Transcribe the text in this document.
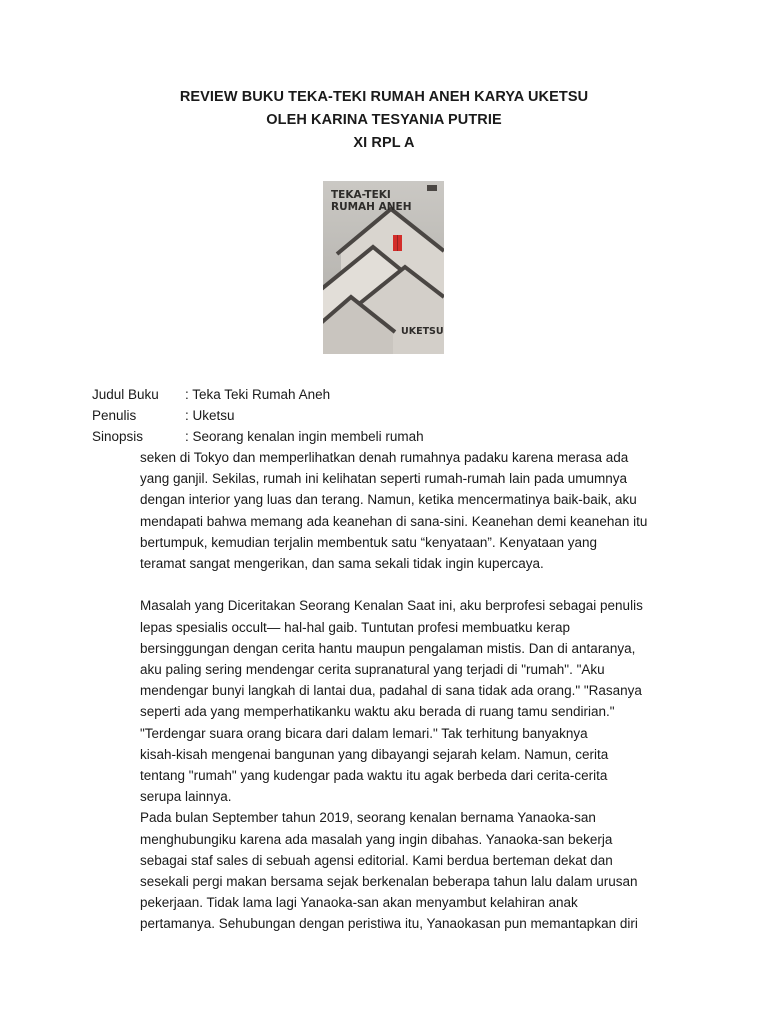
REVIEW BUKU TEKA-TEKI RUMAH ANEH KARYA UKETSU
OLEH KARINA TESYANIA PUTRIE
XI RPL A
TEKA-TEKI
RUMAH ANEH
UKETSU
Judul Buku : Teka Teki Rumah Aneh
Penulis	: Uketsu
Sinopsis	: Seorang kenalan ingin membeli rumah

seken di Tokyo dan memperlihatkan denah rumahnya padaku karena merasa ada

yang ganjil. Sekilas, rumah ini kelihatan seperti rumah-rumah lain pada umumnya

dengan interior yang luas dan terang. Namun, ketika mencermatinya baik-baik, aku

mendapati bahwa memang ada keanehan di sana-sini. Keanehan demi keanehan itu

bertumpuk, kemudian terjalin membentuk satu “kenyataan”. Kenyataan yang

teramat sangat mengerikan, dan sama sekali tidak ingin kupercaya.

Masalah yang Diceritakan Seorang Kenalan Saat ini, aku berprofesi sebagai penulis

lepas spesialis occult— hal-hal gaib. Tuntutan profesi membuatku kerap

bersinggungan dengan cerita hantu maupun pengalaman mistis. Dan di antaranya,

aku paling sering mendengar cerita supranatural yang terjadi di "rumah". "Aku

mendengar bunyi langkah di lantai dua, padahal di sana tidak ada orang." "Rasanya

seperti ada yang memperhatikanku waktu aku berada di ruang tamu sendirian."

"Terdengar suara orang bicara dari dalam lemari." Tak terhitung banyaknya

kisah-kisah mengenai bangunan yang dibayangi sejarah kelam. Namun, cerita

tentang "rumah" yang kudengar pada waktu itu agak berbeda dari cerita-cerita

serupa lainnya.

Pada bulan September tahun 2019, seorang kenalan bernama Yanaoka-san

menghubungiku karena ada masalah yang ingin dibahas. Yanaoka-san bekerja

sebagai staf sales di sebuah agensi editorial. Kami berdua berteman dekat dan

sesekali pergi makan bersama sejak berkenalan beberapa tahun lalu dalam urusan

pekerjaan. Tidak lama lagi Yanaoka-san akan menyambut kelahiran anak

pertamanya. Sehubungan dengan peristiwa itu, Yanaokasan pun memantapkan diri
